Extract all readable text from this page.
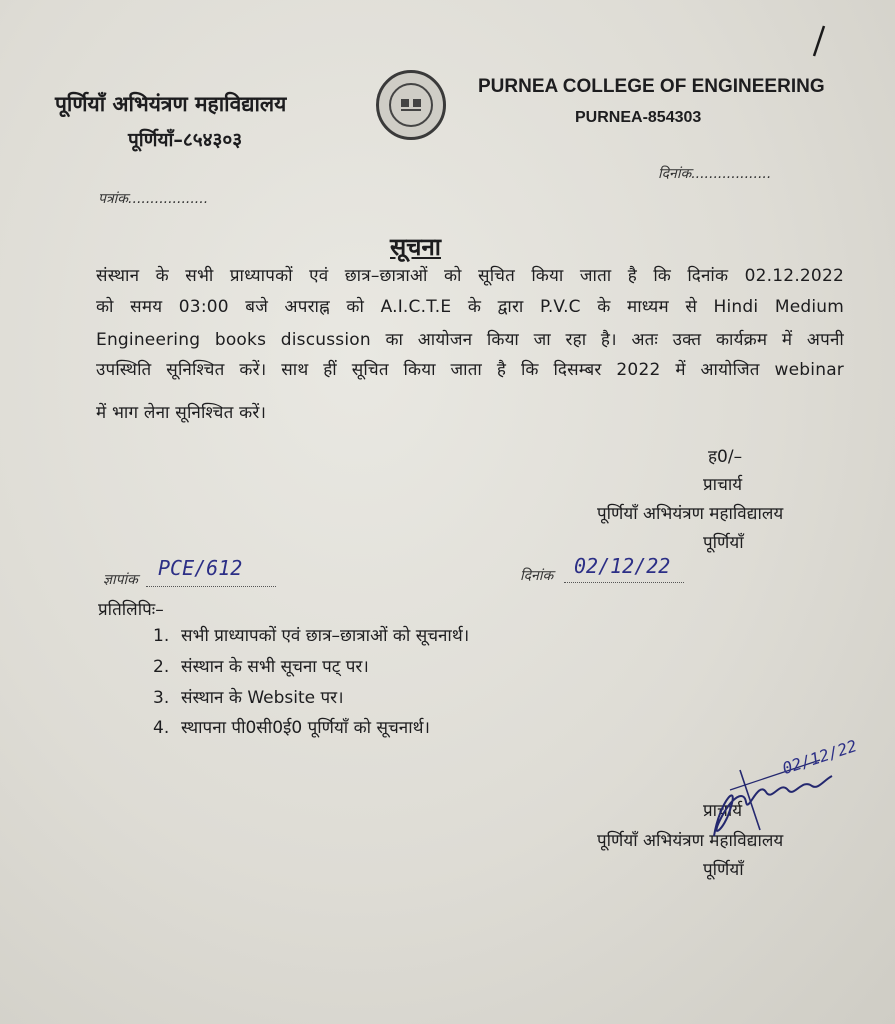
पूर्णियाँ अभियंत्रण महाविद्यालय
पूर्णियाँ–८५४३०३
PURNEA COLLEGE OF ENGINEERING
PURNEA-854303
दिनांक..................
पत्रांक..................
सूचना
संस्थान के सभी प्राध्यापकों एवं छात्र–छात्राओं को सूचित किया जाता है कि दिनांक 02.12.2022
को समय 03:00 बजे अपराह्न को A.I.C.T.E के द्वारा P.V.C के माध्यम से Hindi Medium
Engineering books discussion का आयोजन किया जा रहा है। अतः उक्त कार्यक्रम में अपनी
उपस्थिति सूनिश्चित करें। साथ हीं सूचित किया जाता है कि दिसम्बर 2022 में आयोजित webinar
में भाग लेना सूनिश्चित करें।
ह0/–
प्राचार्य
पूर्णियाँ अभियंत्रण महाविद्यालय
पूर्णियाँ
ज्ञापांक PCE/612	दिनांक 02/12/22
प्रतिलिपिः–
1. सभी प्राध्यापकों एवं छात्र–छात्राओं को सूचनार्थ।
2. संस्थान के सभी सूचना पट् पर।
3. संस्थान के Website पर।
4. स्थापना पी0सी0ई0 पूर्णियाँ को सूचनार्थ।
प्राचार्य
पूर्णियाँ अभियंत्रण महाविद्यालय
पूर्णियाँ
02/12/22
